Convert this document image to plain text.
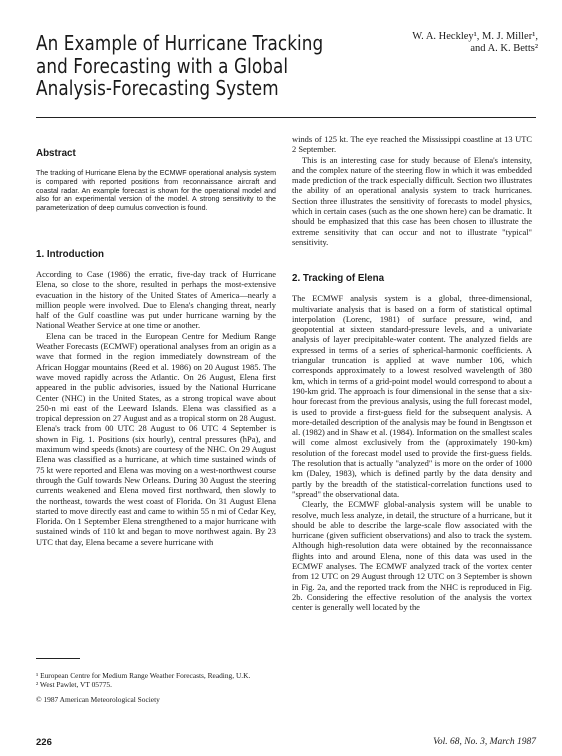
An Example of Hurricane Tracking
and Forecasting with a Global
Analysis-Forecasting System
W. A. Heckley¹, M. J. Miller¹,
and A. K. Betts²
Abstract

The tracking of Hurricane Elena by the ECMWF operational analysis system is compared with reported positions from reconnaissance aircraft and coastal radar. An example forecast is shown for the operational model and also for an experimental version of the model. A strong sensitivity to the parameterization of deep cumulus convection is found.

1. Introduction

According to Case (1986) the erratic, five-day track of Hurricane Elena, so close to the shore, resulted in perhaps the most-extensive evacuation in the history of the United States of America—nearly a million people were involved. Due to Elena's changing threat, nearly half of the Gulf coastline was put under hurricane warning by the National Weather Service at one time or another.

Elena can be traced in the European Centre for Medium Range Weather Forecasts (ECMWF) operational analyses from an origin as a wave that formed in the region immediately downstream of the African Hoggar mountains (Reed et al. 1986) on 20 August 1985. The wave moved rapidly across the Atlantic. On 26 August, Elena first appeared in the public advisories, issued by the National Hurricane Center (NHC) in the United States, as a strong tropical wave about 250-n mi east of the Leeward Islands. Elena was classified as a tropical depression on 27 August and as a tropical storm on 28 August. Elena's track from 00 UTC 28 August to 06 UTC 4 September is shown in Fig. 1. Positions (six hourly), central pressures (hPa), and maximum wind speeds (knots) are courtesy of the NHC. On 29 August Elena was classified as a hurricane, at which time sustained winds of 75 kt were reported and Elena was moving on a west-northwest course through the Gulf towards New Orleans. During 30 August the steering currents weakened and Elena moved first northward, then slowly to the northeast, towards the west coast of Florida. On 31 August Elena started to move directly east and came to within 55 n mi of Cedar Key, Florida. On 1 September Elena strengthened to a major hurricane with sustained winds of 110 kt and began to move northwest again. By 23 UTC that day, Elena became a severe hurricane with

winds of 125 kt. The eye reached the Mississippi coastline at 13 UTC 2 September.

This is an interesting case for study because of Elena's intensity, and the complex nature of the steering flow in which it was embedded made prediction of the track especially difficult. Section two illustrates the ability of an operational analysis system to track hurricanes. Section three illustrates the sensitivity of forecasts to model physics, which in certain cases (such as the one shown here) can be dramatic. It should be emphasized that this case has been chosen to illustrate the extreme sensitivity that can occur and not to illustrate "typical" sensitivity.

2. Tracking of Elena

The ECMWF analysis system is a global, three-dimensional, multivariate analysis that is based on a form of statistical optimal interpolation (Lorenc, 1981) of surface pressure, wind, and geopotential at sixteen standard-pressure levels, and a univariate analysis of layer precipitable-water content. The analyzed fields are expressed in terms of a series of spherical-harmonic coefficients. A triangular truncation is applied at wave number 106, which corresponds approximately to a lowest resolved wavelength of 380 km, which in terms of a grid-point model would correspond to about a 190-km grid. The approach is four dimensional in the sense that a six-hour forecast from the previous analysis, using the full forecast model, is used to provide a first-guess field for the subsequent analysis. A more-detailed description of the analysis may be found in Bengtsson et al. (1982) and in Shaw et al. (1984). Information on the smallest scales will come almost exclusively from the (approximately 190-km) resolution of the forecast model used to provide the first-guess fields. The resolution that is actually "analyzed" is more on the order of 1000 km (Daley, 1983), which is defined partly by the data density and partly by the breadth of the statistical-correlation functions used to "spread" the observational data.

Clearly, the ECMWF global-analysis system will be unable to resolve, much less analyze, in detail, the structure of a hurricane, but it should be able to describe the large-scale flow associated with the hurricane (given sufficient observations) and also to track the system. Although high-resolution data were obtained by the reconnaissance flights into and around Elena, none of this data was used in the ECMWF analyses. The ECMWF analyzed track of the vortex center from 12 UTC on 29 August through 12 UTC on 3 September is shown in Fig. 2a, and the reported track from the NHC is reproduced in Fig. 2b. Considering the effective resolution of the analysis the vortex center is generally well located by the

¹ European Centre for Medium Range Weather Forecasts, Reading, U.K.
² West Pawlet, VT 05775.
© 1987 American Meteorological Society
226	Vol. 68, No. 3, March 1987
